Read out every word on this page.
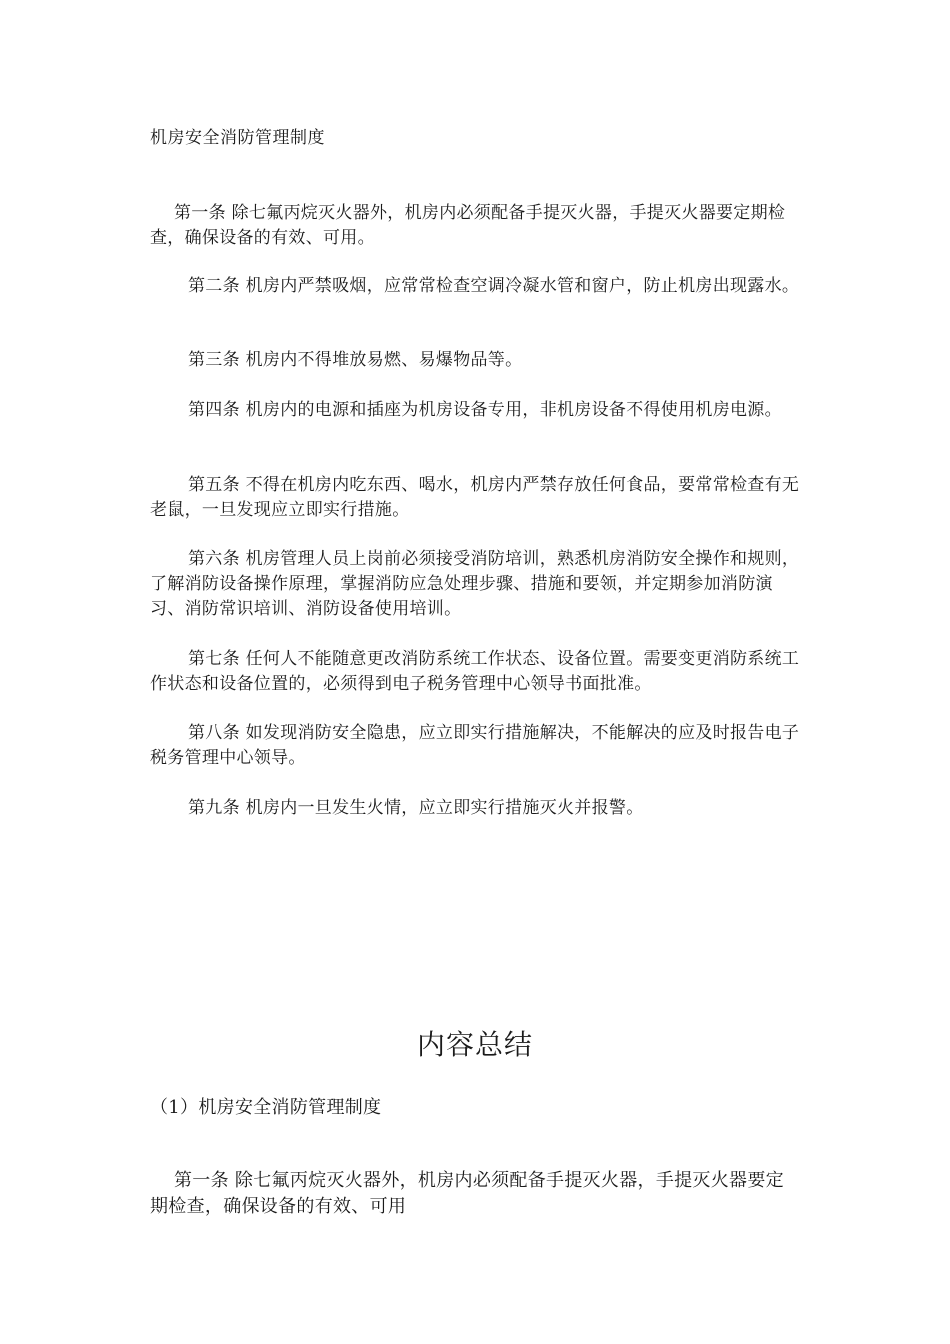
机房安全消防管理制度

第一条 除七氟丙烷灭火器外，机房内必须配备手提灭火器，手提灭火器要定期检查，确保设备的有效、可用。

第二条 机房内严禁吸烟，应常常检查空调冷凝水管和窗户，防止机房出现露水。

第三条 机房内不得堆放易燃、易爆物品等。

第四条 机房内的电源和插座为机房设备专用，非机房设备不得使用机房电源。

第五条 不得在机房内吃东西、喝水，机房内严禁存放任何食品，要常常检查有无老鼠，一旦发现应立即实行措施。

第六条 机房管理人员上岗前必须接受消防培训，熟悉机房消防安全操作和规则，了解消防设备操作原理，掌握消防应急处理步骤、措施和要领，并定期参加消防演习、消防常识培训、消防设备使用培训。

第七条 任何人不能随意更改消防系统工作状态、设备位置。需要变更消防系统工作状态和设备位置的，必须得到电子税务管理中心领导书面批准。

第八条 如发现消防安全隐患，应立即实行措施解决，不能解决的应及时报告电子税务管理中心领导。

第九条 机房内一旦发生火情，应立即实行措施灭火并报警。

内容总结
（1）机房安全消防管理制度

第一条 除七氟丙烷灭火器外，机房内必须配备手提灭火器，手提灭火器要定期检查，确保设备的有效、可用
